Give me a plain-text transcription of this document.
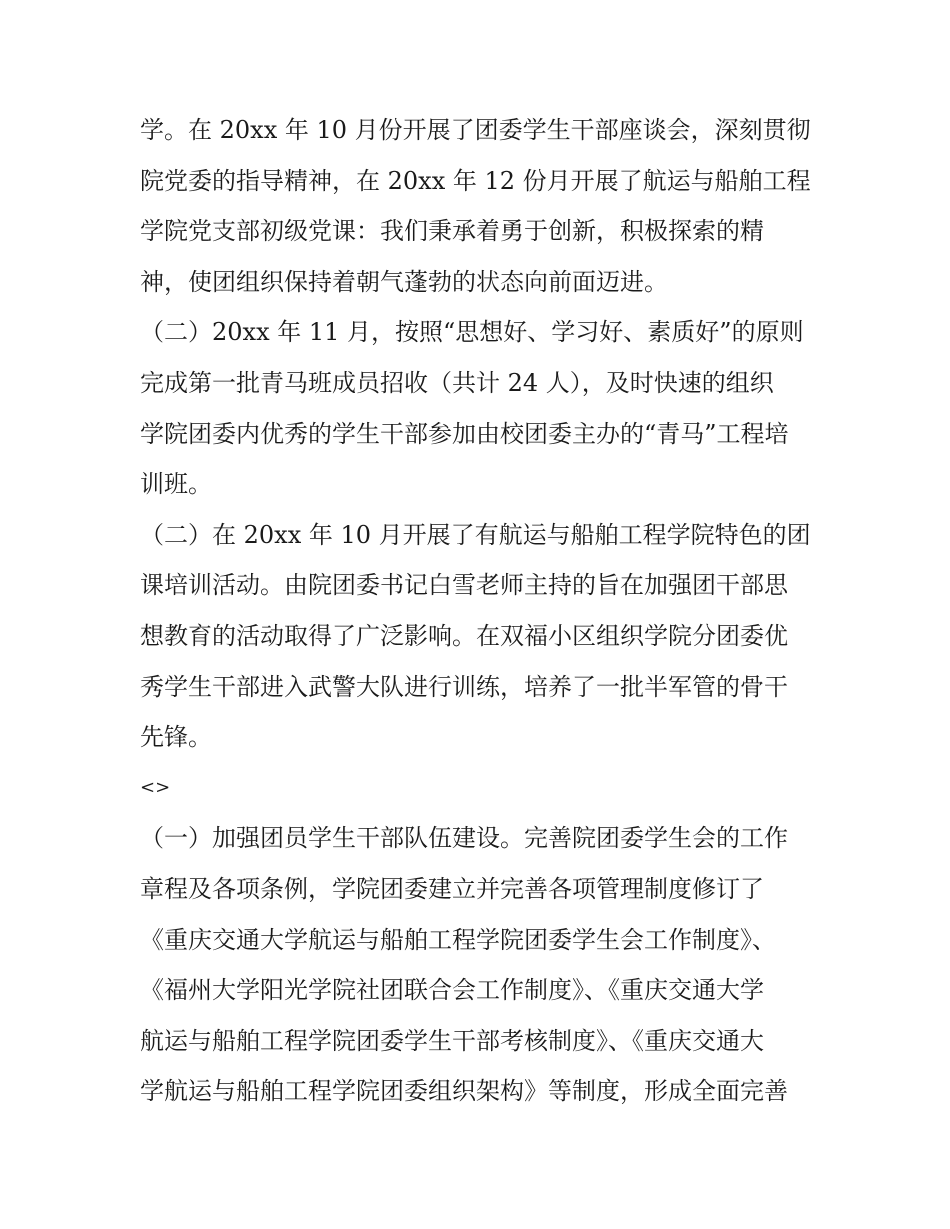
学。在 20xx 年 10 月份开展了团委学生干部座谈会，深刻贯彻
院党委的指导精神，在 20xx 年 12 份月开展了航运与船舶工程
学院党支部初级党课：我们秉承着勇于创新，积极探索的精
神，使团组织保持着朝气蓬勃的状态向前面迈进。
（二）20xx 年 11 月，按照“思想好、学习好、素质好”的原则
完成第一批青马班成员招收（共计 24 人），及时快速的组织
学院团委内优秀的学生干部参加由校团委主办的“青马”工程培
训班。
（二）在 20xx 年 10 月开展了有航运与船舶工程学院特色的团
课培训活动。由院团委书记白雪老师主持的旨在加强团干部思
想教育的活动取得了广泛影响。在双福小区组织学院分团委优
秀学生干部进入武警大队进行训练，培养了一批半军管的骨干
先锋。
<>
（一）加强团员学生干部队伍建设。完善院团委学生会的工作
章程及各项条例，学院团委建立并完善各项管理制度修订了
《重庆交通大学航运与船舶工程学院团委学生会工作制度》、
《福州大学阳光学院社团联合会工作制度》、《重庆交通大学
航运与船舶工程学院团委学生干部考核制度》、《重庆交通大
学航运与船舶工程学院团委组织架构》等制度，形成全面完善
